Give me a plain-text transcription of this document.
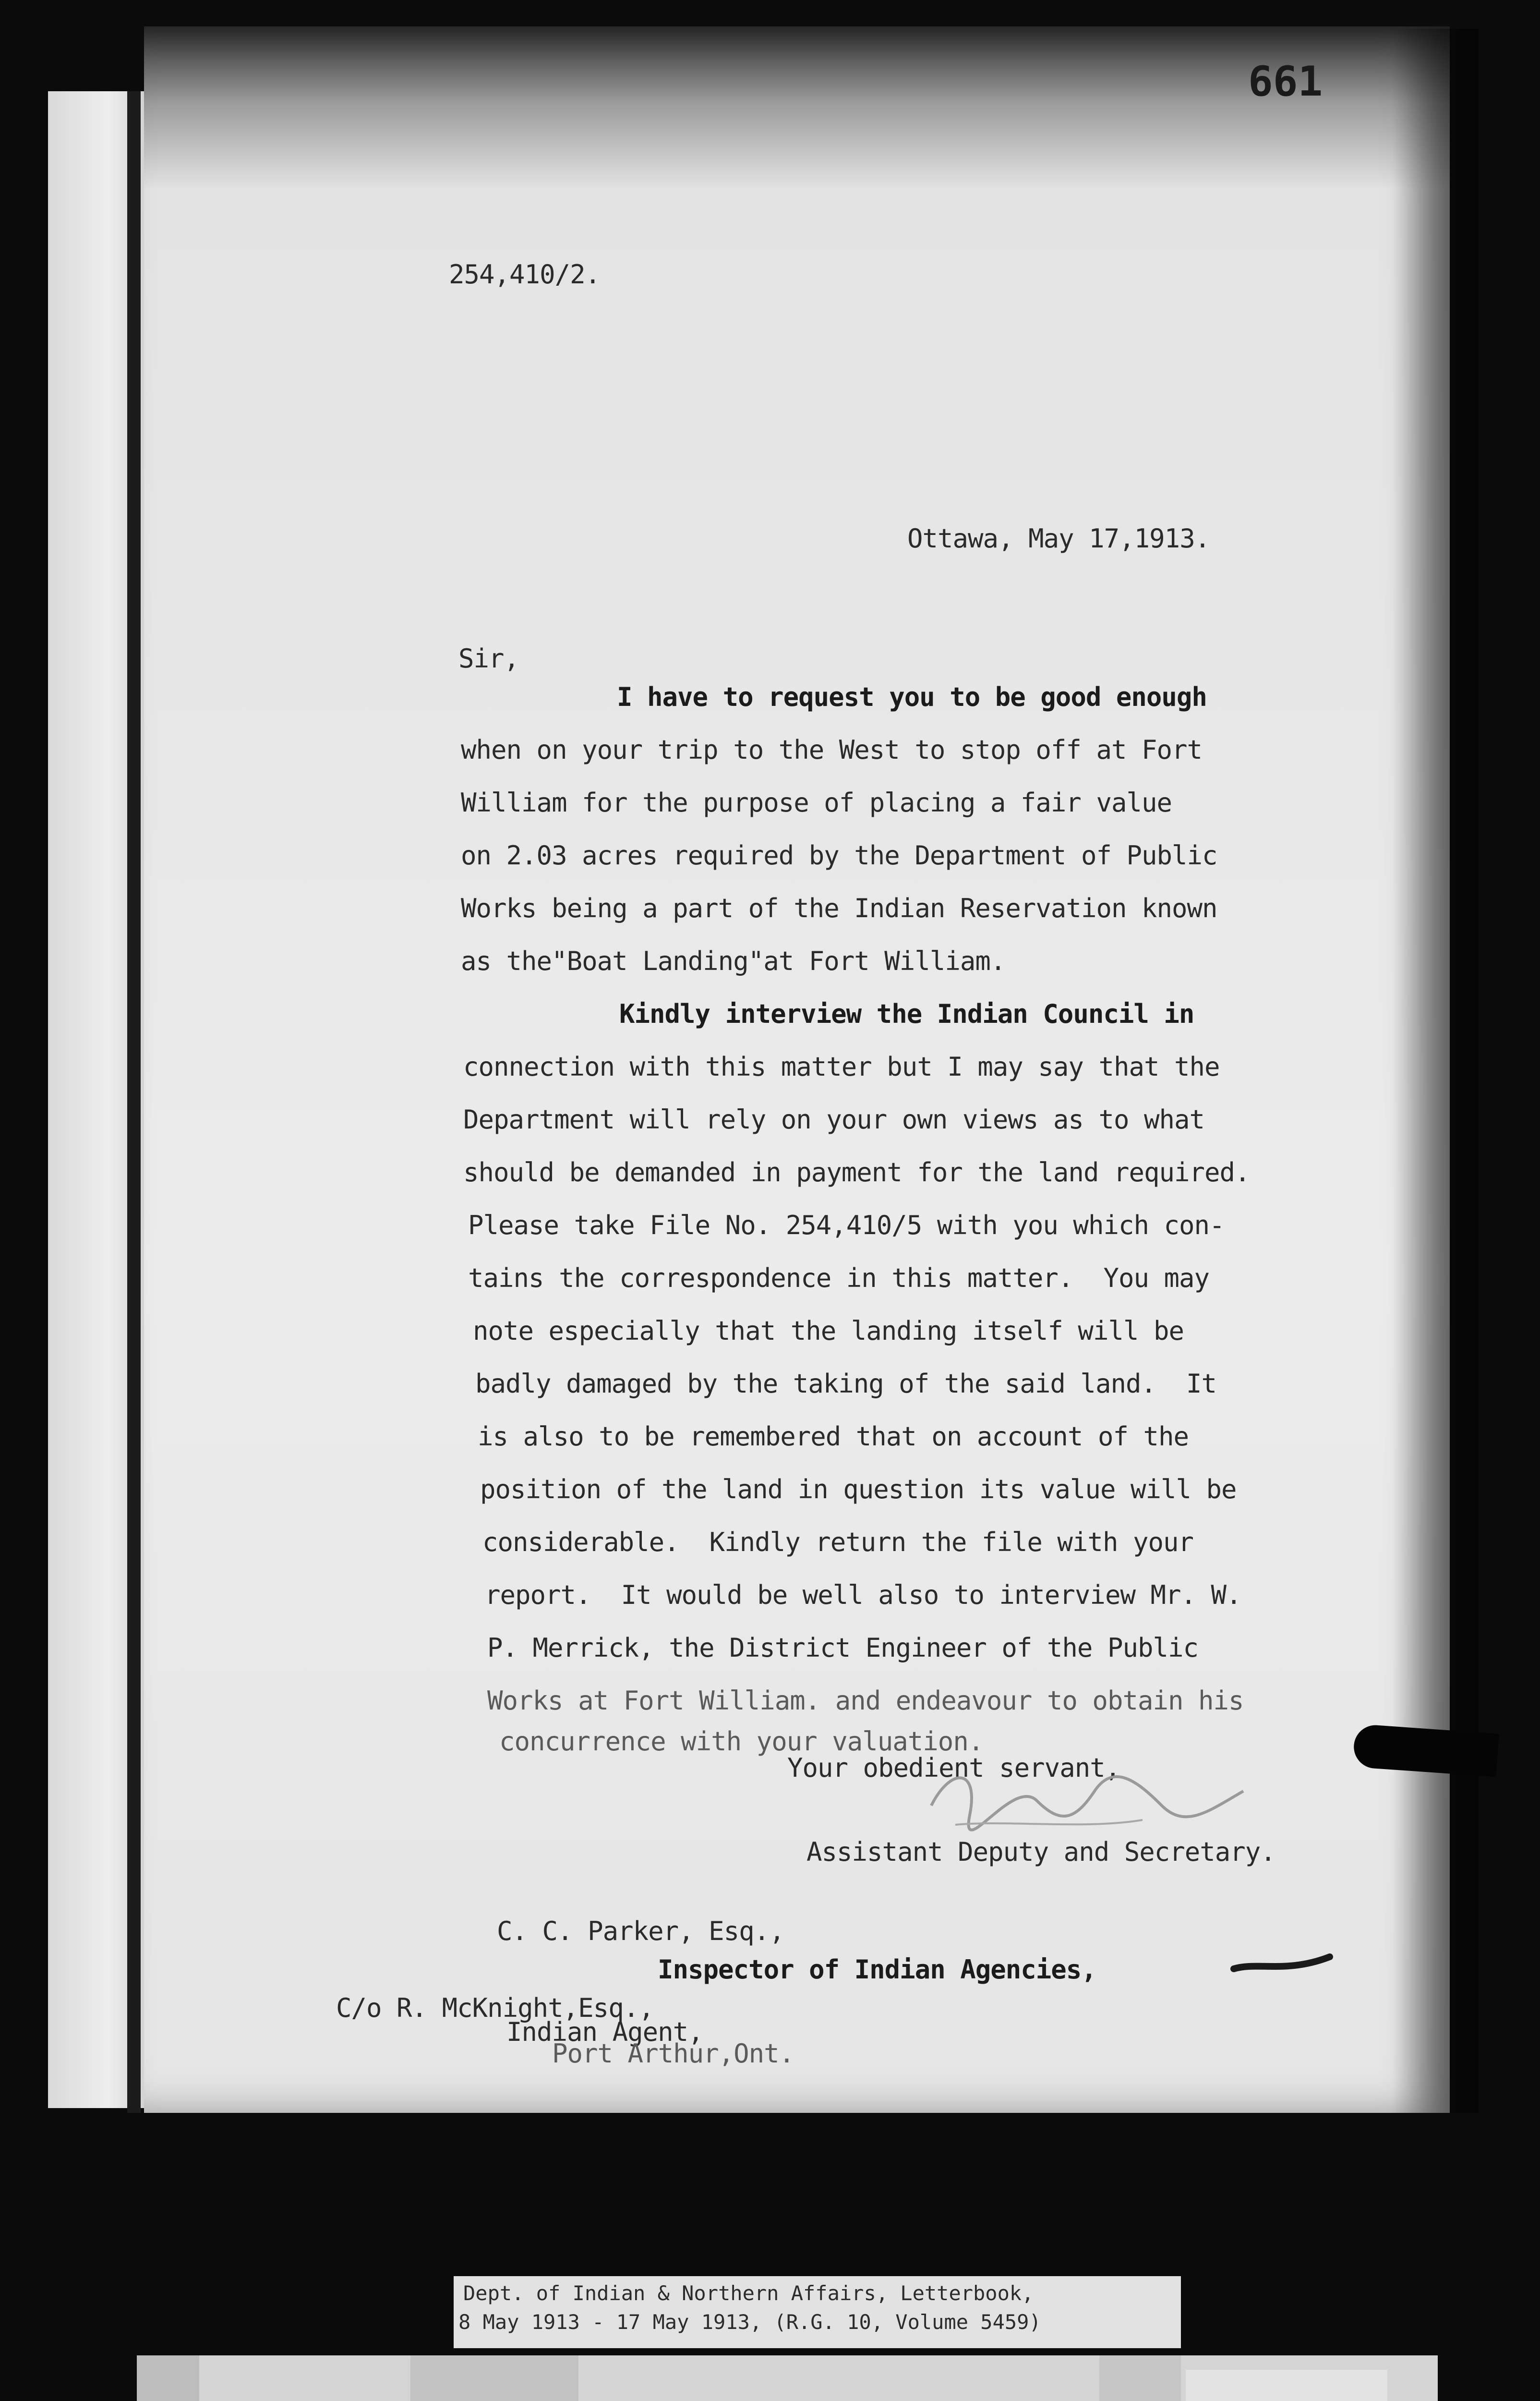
661
254,410/2.
Ottawa, May 17,1913.
Sir,
I have to request you to be good enough
when on your trip to the West to stop off at Fort
William for the purpose of placing a fair value
on 2.03 acres required by the Department of Public
Works being a part of the Indian Reservation known
as the"Boat Landing"at Fort William.
Kindly interview the Indian Council in
connection with this matter but I may say that the
Department will rely on your own views as to what
should be demanded in payment for the land required.
Please take File No. 254,410/5 with you which con-
tains the correspondence in this matter.  You may
note especially that the landing itself will be
badly damaged by the taking of the said land.  It
is also to be remembered that on account of the
position of the land in question its value will be
considerable.  Kindly return the file with your
report.  It would be well also to interview Mr. W.
P. Merrick, the District Engineer of the Public
Works at Fort William. and endeavour to obtain his
concurrence with your valuation.
Your obedient servant,
Assistant Deputy and Secretary.
C. C. Parker, Esq.,
Inspector of Indian Agencies,
C/o R. McKnight,Esq.,
Indian Agent,
Port Arthur,Ont.
Dept. of Indian & Northern Affairs, Letterbook,
8 May 1913 - 17 May 1913, (R.G. 10, Volume 5459)
